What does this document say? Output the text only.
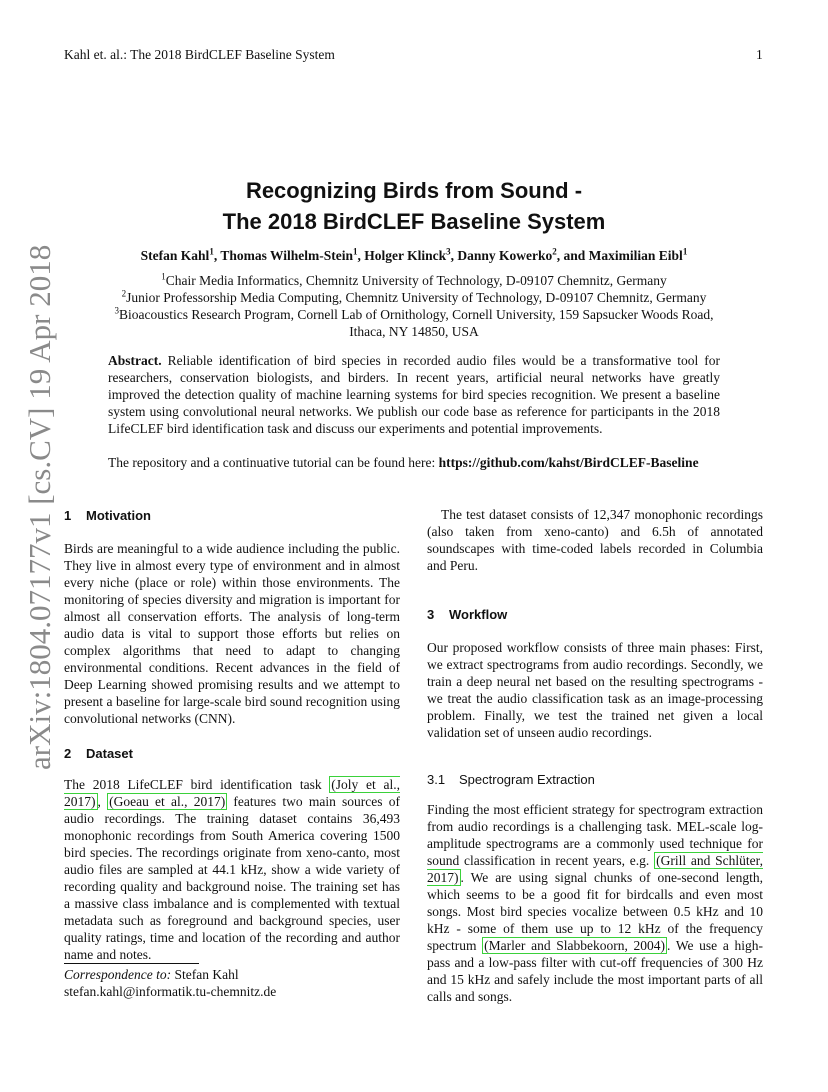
Kahl et. al.: The 2018 BirdCLEF Baseline System	1
arXiv:1804.07177v1 [cs.CV] 19 Apr 2018
Recognizing Birds from Sound -
The 2018 BirdCLEF Baseline System
Stefan Kahl$^1$, Thomas Wilhelm-Stein$^1$, Holger Klinck$^3$, Danny Kowerko$^2$, and Maximilian Eibl$^1$
$^1$Chair Media Informatics, Chemnitz University of Technology, D-09107 Chemnitz, Germany
$^2$Junior Professorship Media Computing, Chemnitz University of Technology, D-09107 Chemnitz, Germany
$^3$Bioacoustics Research Program, Cornell Lab of Ornithology, Cornell University, 159 Sapsucker Woods Road,
Ithaca, NY 14850, USA
Abstract. Reliable identification of bird species in recorded audio files would be a transformative tool for researchers, conservation biologists, and birders. In recent years, artificial neural networks have greatly improved the detection quality of machine learning systems for bird species recognition. We present a baseline system using convolutional neural networks. We publish our code base as reference for participants in the 2018 LifeCLEF bird identification task and discuss our experiments and potential improvements.
The repository and a continuative tutorial can be found here: https://github.com/kahst/BirdCLEF-Baseline
1 Motivation

Birds are meaningful to a wide audience including the public. They live in almost every type of environment and in almost every niche (place or role) within those environments. The monitoring of species diversity and migration is important for almost all conservation efforts. The analysis of long-term audio data is vital to support those efforts but relies on complex algorithms that need to adapt to changing environmental conditions. Recent advances in the field of Deep Learning showed promising results and we attempt to present a baseline for large-scale bird sound recognition using convolutional networks (CNN).

2 Dataset

The 2018 LifeCLEF bird identification task (Joly et al., 2017) , (Goeau et al., 2017) features two main sources of audio recordings. The training dataset contains 36,493 monophonic recordings from South America covering 1500 bird species. The recordings originate from xeno-canto, most audio files are sampled at 44.1 kHz, show a wide variety of recording quality and background noise. The training set has a massive class imbalance and is complemented with textual metadata such as foreground and background species, user quality ratings, time and location of the recording and author name and notes.

Correspondence to: Stefan Kahl
stefan.kahl@informatik.tu-chemnitz.de

The test dataset consists of 12,347 monophonic recordings (also taken from xeno-canto) and 6.5h of annotated soundscapes with time-coded labels recorded in Columbia and Peru.

3 Workflow

Our proposed workflow consists of three main phases: First, we extract spectrograms from audio recordings. Secondly, we train a deep neural net based on the resulting spectrograms - we treat the audio classification task as an image-processing problem. Finally, we test the trained net given a local validation set of unseen audio recordings.

3.1 Spectrogram Extraction

Finding the most efficient strategy for spectrogram extraction from audio recordings is a challenging task. MEL-scale log-amplitude spectrograms are a commonly used technique for sound classification in recent years, e.g. (Grill and Schlüter, 2017) . We are using signal chunks of one-second length, which seems to be a good fit for birdcalls and even most songs. Most bird species vocalize between 0.5 kHz and 10 kHz - some of them use up to 12 kHz of the frequency spectrum (Marler and Slabbekoorn, 2004) . We use a high-pass and a low-pass filter with cut-off frequencies of 300 Hz and 15 kHz and safely include the most important parts of all calls and songs.
